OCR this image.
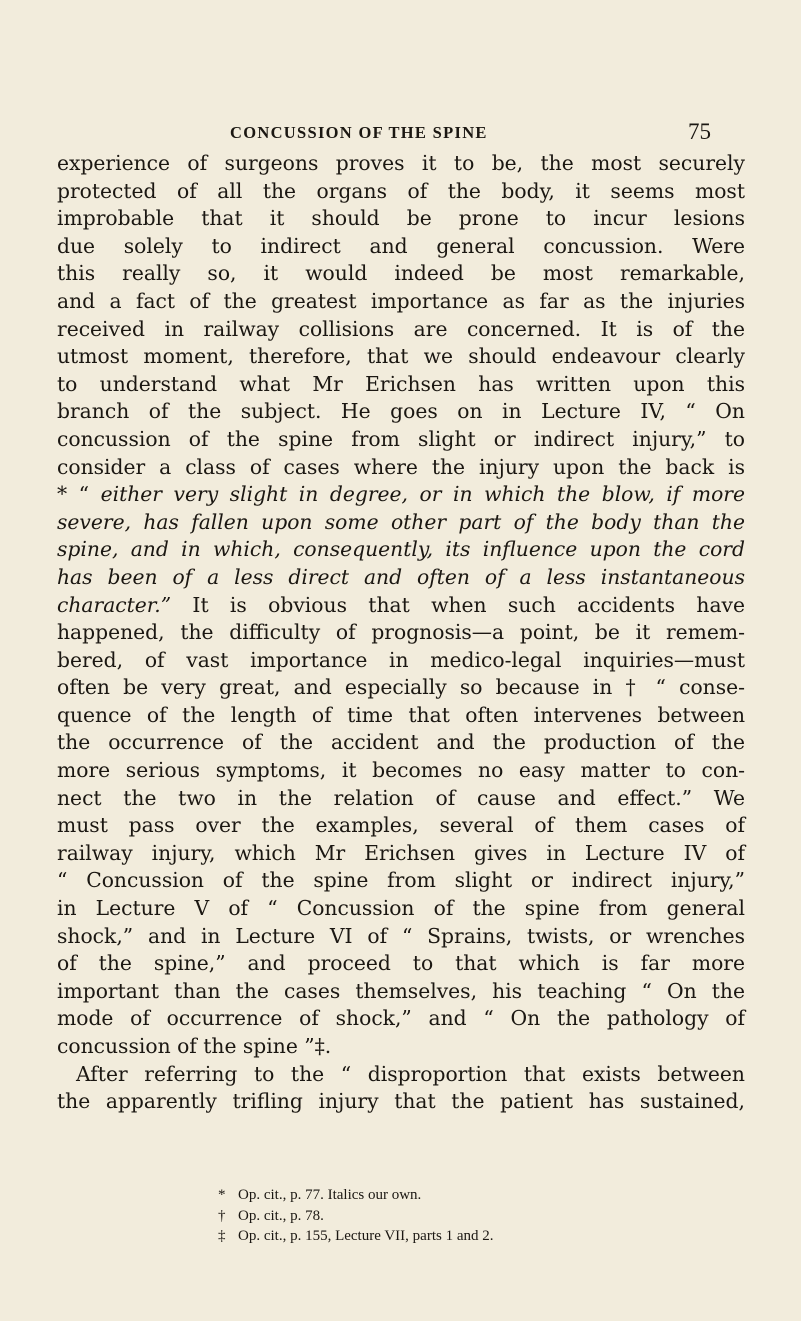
CONCUSSION OF THE SPINE	75
experience of surgeons proves it to be, the most securely
protected of all the organs of the body, it seems most
improbable that it should be prone to incur lesions
due solely to indirect and general concussion. Were
this really so, it would indeed be most remarkable,
and a fact of the greatest importance as far as the injuries
received in railway collisions are concerned. It is of the
utmost moment, therefore, that we should endeavour clearly
to understand what Mr Erichsen has written upon this
branch of the subject. He goes on in Lecture IV, “ On
concussion of the spine from slight or indirect injury,” to
consider a class of cases where the injury upon the back is
* “ either very slight in degree, or in which the blow, if more
severe, has fallen upon some other part of the body than the
spine, and in which, consequently, its influence upon the cord
has been of a less direct and often of a less instantaneous
character.” It is obvious that when such accidents have
happened, the difficulty of prognosis—a point, be it remem-
bered, of vast importance in medico-legal inquiries—must
often be very great, and especially so because in † “ conse-
quence of the length of time that often intervenes between
the occurrence of the accident and the production of the
more serious symptoms, it becomes no easy matter to con-
nect the two in the relation of cause and effect.” We
must pass over the examples, several of them cases of
railway injury, which Mr Erichsen gives in Lecture IV of
“ Concussion of the spine from slight or indirect injury,”
in Lecture V of “ Concussion of the spine from general
shock,” and in Lecture VI of “ Sprains, twists, or wrenches
of the spine,” and proceed to that which is far more
important than the cases themselves, his teaching “ On the
mode of occurrence of shock,” and “ On the pathology of
concussion of the spine ”‡.
After referring to the “ disproportion that exists between
the apparently trifling injury that the patient has sustained,
* Op. cit., p. 77. Italics our own.
† Op. cit., p. 78.
‡ Op. cit., p. 155, Lecture VII, parts 1 and 2.
